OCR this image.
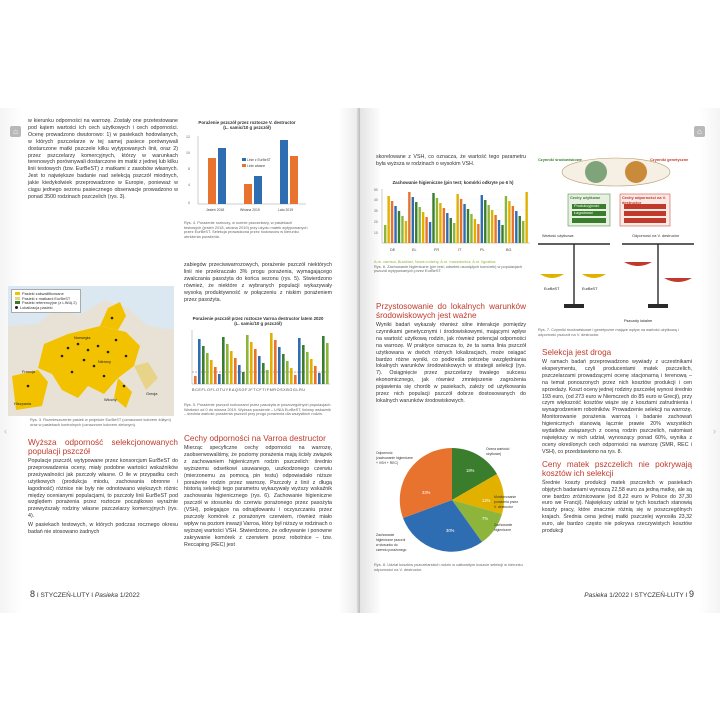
⌂

w kierunku odporności na warrozę. Zostały one przetestowane pod kątem wartości ich cech użytkowych i cech odporności. Ocenę prowadzono dwutorowo: 1) w pasiekach hodowlanych, w których pszczelarze w tej samej pasiece porównywali dostarczone matki pszczele kilku wytypowanych linii, oraz 2) przez pszczelarzy komercyjnych, którzy w warunkach terenowych porównywali dostarczone im matki z jednej lub kilku linii testowych (tzw. EurBeST) z matkami z zasobów własnych. Jest to największe badanie nad selekcją pszczół miodnych, jakie kiedykolwiek przeprowadzono w Europie, ponieważ w ciągu jednego sezonu pasiecznego obserwacje prowadzono w ponad 3500 rodzinach pszczelich (rys. 3).

Porażenie pszczół przez roztocze V. destructor
(L. samic/10 g pszczół)
12
10
8
4
0
Linie z EurBeST
Linie własne
Jesień 2018	Wiosna 2019	Lato 2019
Rys. 4. Porażenie roztoczy, w ocenie pszczelarzy, w pasiekach testowych (jesień 2018, wiosna 2019) przy użyciu matek wytypowanych przez EurBeST. Selekcja prowadzona przez hodowców w kierunku obniżenia porażenia.
Pasieki zakwalifikowane
Pasieki z matkami EurBeST
Pasieki referencyjne (z LINIĄ 2)
Lokalizacja pasieki
Norwegia
Niemcy
Włochy
Grecja
Francja
Hiszpania
Rys. 3. Rozmieszczenie pasiek w projekcie EurBeST (oznaczone kolorem żółtym) oraz w pasiekach kontrolnych (oznaczone kolorem zielonym).
Wyższa odporność selekcjonowanych populacji pszczół

Populacje pszczół, wytypowane przez konsorcjum EurBeST do przeprowadzenia oceny, miały podobne wartości wskaźników przeżywalności jak pszczoły własne. O ile w przypadku cech użytkowych (produkcja miodu, zachowania obronne i łagodność) różnice nie były nie odnotowano większych różnic między ocenianymi populacjami, to pszczoły linii EurBeST pod względem porażenia przez roztocze początkowo wyraźnie przewyższały rodziny własne pszczelarzy komercyjnych (rys. 4).

W pasiekach testowych, w których podczas rocznego okresu badań nie stosowano żadnych

zabiegów przeciwwarrozowych, porażenie pszczół niektórych linii nie przekraczało 3% progu porażenia, wymagającego zwalczania pasożyta do końca sezonu (rys. 5). Stwierdzono również, że niektóre z wybranych populacji wykazywały wysoką produktywność w połączeniu z niskim porażeniem przez pasożyta.

Porażenie pszczół przez roztocze Varroa destructor latem 2020
(L. samic/10 g pszczół)
BCEFLOFLOTUYEAQSGFJFTCFTIFMROSXBGGLRU
Rys. 5. Porażenie pszczół roztoczami przez pasożyta w poszczególnych populacjach. Wartości od 0 do wiosna 2019. Wyższa porażenie – LINIA EurBeST, liniowy wskaźnik – średnia wartość porażenia pszczół przy progu porażenia dla wszystkich rodzin.
Cechy odporności na Varroa destructor

Mierząc specyficzne cechy odporności na warrozę, zaobserwowaliśmy, że poziomy porażenia mają ścisły związek z zachowaniem higienicznym rodzin pszczelich: średnio wyższemu odsetkowi usuwanego, uszkodzonego czerwiu (mierzonemu za pomocą pin testu) odpowiadało niższe porażenie rodzin przez warrozę. Pszczoły z linii z długą historią selekcji tego parametru wykazywały wyższy wskaźnik zachowania higienicznego (rys. 6). Zachowanie higieniczne pszczół w stosunku do czerwiu porażonego przez pasożyta (VSH), polegające na odnajdowaniu i oczyszczaniu przez pszczoły komórek z porażonym czerwiem, również miało wpływ na poziom inwazji Varroa, który był niższy w rodzinach o wyższej wartości VSH. Stwierdzono, że odkrywanie i ponowne zakrywanie komórek z czerwiem przez robotnice – tzw. Reccaping (REC) jest

8 I STYCZEŃ-LUTY I Pasieka 1/2022
‹
⌂

skorelowane z VSH, co oznacza, że wartość tego parametru była wyższa w rodzinach o wysokim VSH.

Zachowanie higieniczne (pin test; komórki odkryte po 6 h)
50
40
30
20
10
DE	EL	FR	IT	PL	BG
A.m. carnica, Buckfast, Nowe-rodziny, A.m. macedonica, A.m. ligustica
Rys. 6. Zachowanie higieniczne (pin test; odsetek usuniętych komórek) w populacjach pszczół wytypowanych przez EurBeST.
Przystosowanie do lokalnych warunków środowiskowych jest ważne

Wyniki badań wykazały również silne interakcje pomiędzy czynnikami genetycznymi i środowiskowymi, mającymi wpływ na wartość użytkową rodzin, jak również potencjał odporności na warrozę. W praktyce oznacza to, że ta sama linia pszczół użytkowana w dwóch różnych lokalizacjach, może osiągać bardzo różne wyniki, co podkreśla potrzebę uwzględniania lokalnych warunków środowiskowych w strategii selekcji (rys. 7). Osiągnięcie przez pszczelarzy trwałego sukcesu ekonomicznego, jak również zmniejszenie zagrożenia pojawienia się chorób w pasiekach, zależy od użytkowania przez nich populacji pszczół dobrze dostosowanych do lokalnych warunków środowiskowych.

33%
18%
12%
30%
7%
Odporność
(zachowanie higieniczne
+ VSH + REC)
Ocena wartości
użytkowej
Monitorowanie
porażenia przez
V. destructor
Zachowanie
higieniczne
Zachowanie
higieniczne pszczół
w stosunku do
czerwiu porażonego
Rys. 8. Udział kosztów pszczelarskich rodzin w całkowitym koszcie selekcji w kierunku odporności na V. destructor.
EurBeST	EurBeST
Pszczoły lokalne
Czynniki środowiskowe	Czynniki genetyczne
Cechy użytkowe	Cechy odporności na V. destructor
Produkcyjność
Łagodność
Wartość użytkowa	Odporność na V. destructor
Rys. 7. Czynniki środowiskowe i genetyczne mające wpływ na wartość użytkową i odporność pszczół na V. destructor.
Selekcja jest droga

W ramach badań przeprowadzono wywiady z uczestnikami eksperymentu, czyli producentami matek pszczelich, pszczelarzami prowadzącymi ocenę stacjonarną i terenową – na temat ponoszonych przez nich kosztów produkcji i cen sprzedaży. Koszt oceny jednej rodziny pszczelej wynosi średnio 193 euro, (od 273 euro w Niemczech do 85 euro w Grecji), przy czym większość kosztów wiąże się z kosztami zatrudnienia i wynagrodzeniem robotników. Prowadzenie selekcji na warrozę. Monitorowanie porażenia warrozą i badanie zachowań higienicznych stanowią łącznie prawie 20% wszystkich wydatków związanych z oceną rodzin pszczelich, natomiast największy w nich udział, wynoszący ponad 60%, wynika z oceny określonych cech odporności na warrozę (SMR, REC i VSH), co przedstawiono na rys. 8.

Ceny matek pszczelich nie pokrywają kosztów ich selekcji

Średnie koszty produkcji matek pszczelich w pasiekach objętych badaniami wynoszą 22,58 euro za jedną matkę, ale są one bardzo zróżnicowane (od 8,22 euro w Polsce do 37,30 euro we Francji). Największy udział w tych kosztach stanowią koszty pracy, które znacznie różnią się w poszczególnych krajach. Średnia cena jednej matki pszczelej wynosiła 23,32 euro, ale bardzo często nie pokrywa rzeczywistych kosztów produkcji

Pasieka 1/2022 I STYCZEŃ-LUTY I 9
›
